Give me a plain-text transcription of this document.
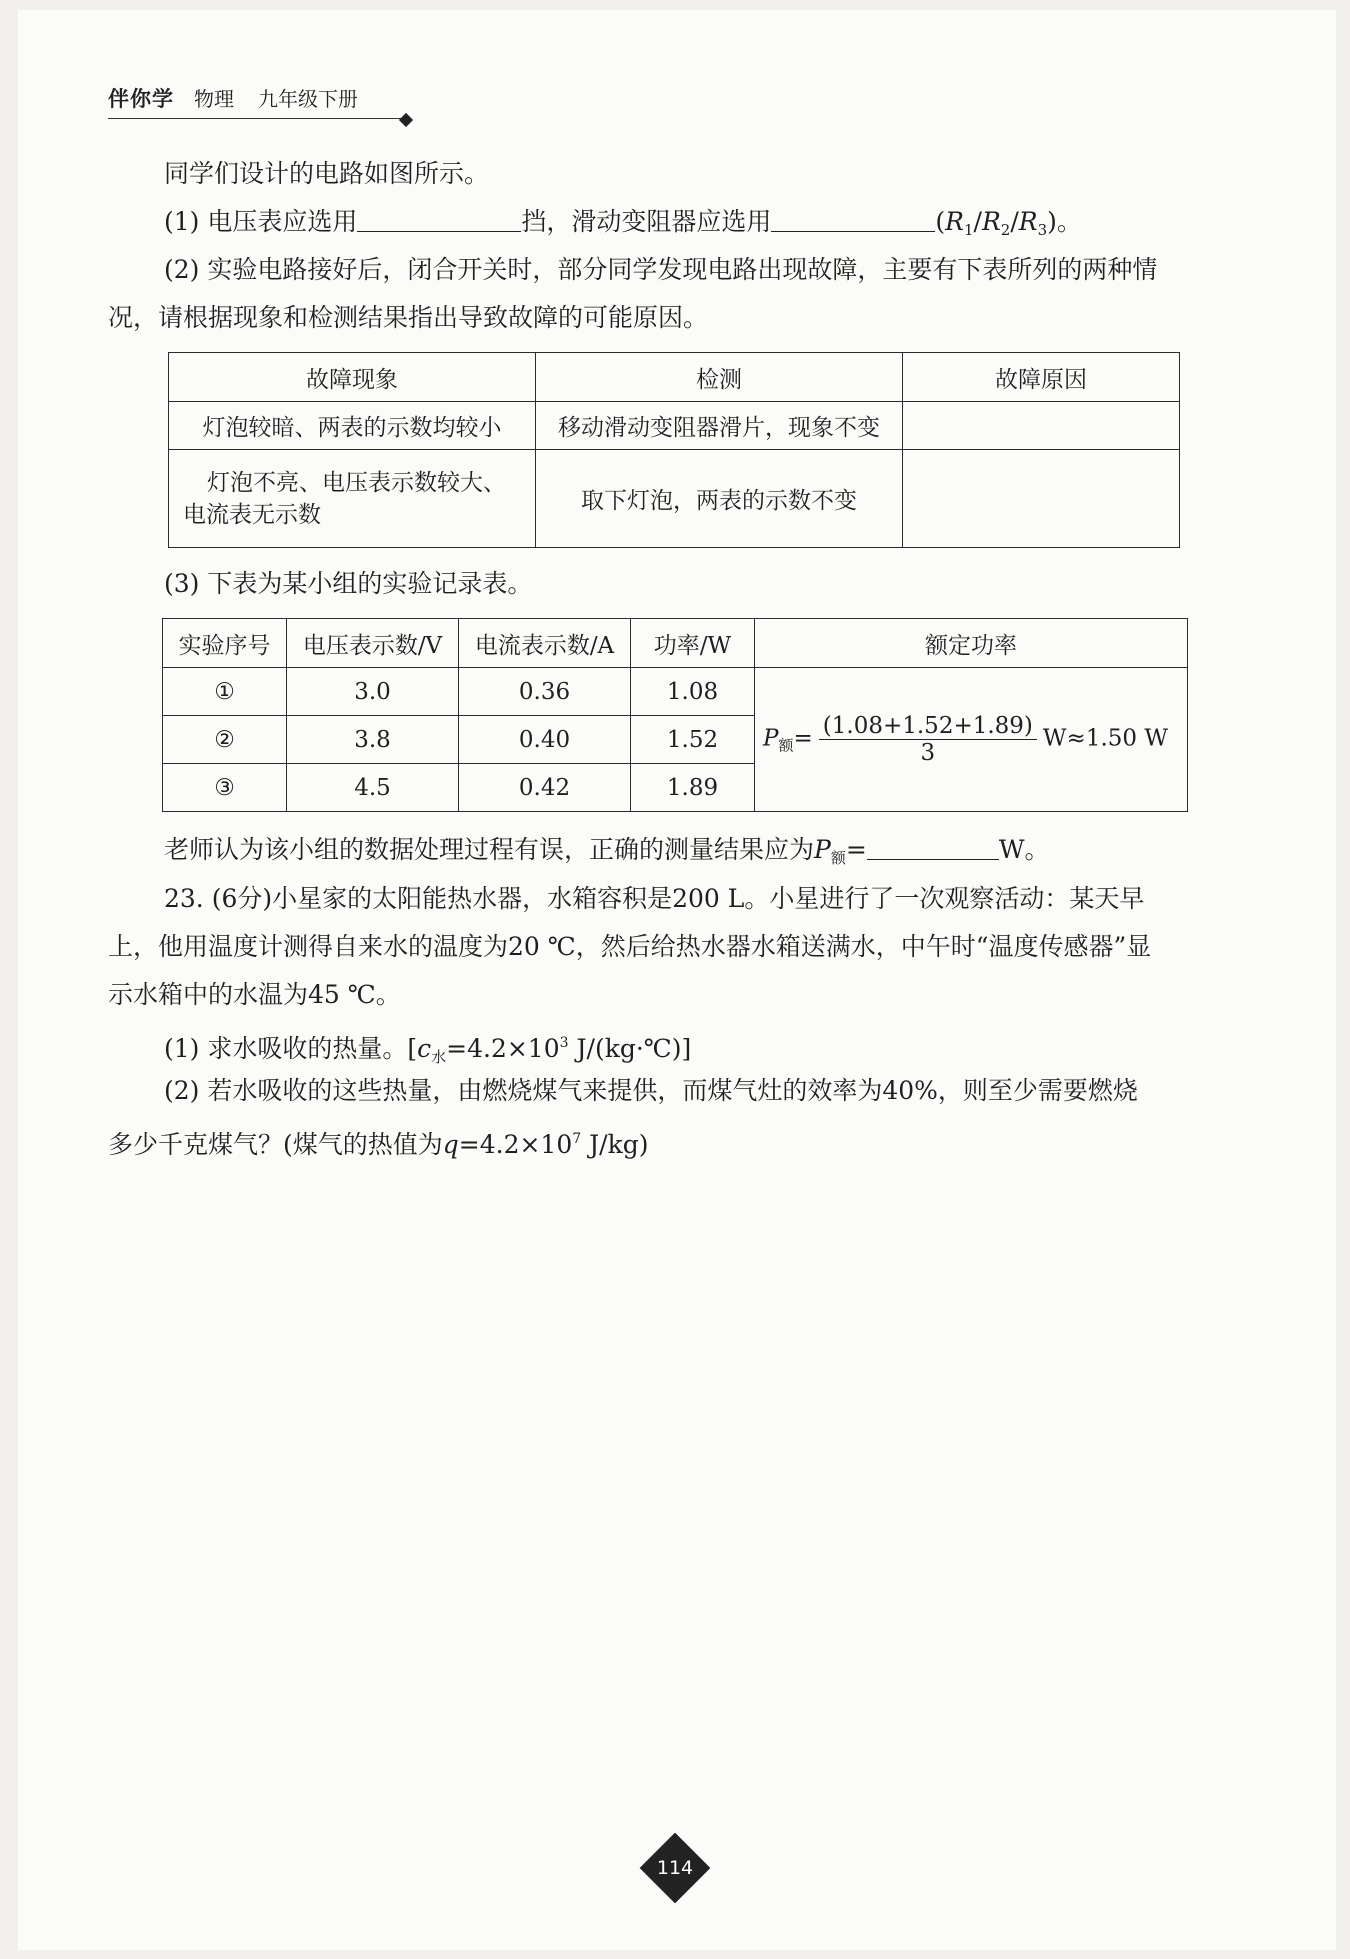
伴你学 物理 九年级下册
同学们设计的电路如图所示。
(1) 电压表应选用	挡，滑动变阻器应选用	$(R_1/R_2/R_3)$。
(2) 实验电路接好后，闭合开关时，部分同学发现电路出现故障，主要有下表所列的两种情
况，请根据现象和检测结果指出导致故障的可能原因。
故障现象	检测	故障原因
灯泡较暗、两表的示数均较小	移动滑动变阻器滑片，现象不变	

灯泡不亮、电压表示数较大、电流表无示数	取下灯泡，两表的示数不变	
(3) 下表为某小组的实验记录表。
实验序号	电压表示数/V	电流表示数/A	功率/W	额定功率
①	3.0	0.36	1.08	$P_额= \frac{(1.08+1.52+1.89)}{3} W\approx 1.50$ W
②	3.8	0.40	1.52	
③	4.5	0.42	1.89	
老师认为该小组的数据处理过程有误，正确的测量结果应为$P_额=$	W。
23. (6分)小星家的太阳能热水器，水箱容积是200 L。小星进行了一次观察活动：某天早
上，他用温度计测得自来水的温度为20 ℃，然后给热水器水箱送满水，中午时“温度传感器”显
示水箱中的水温为45 ℃。
(1) 求水吸收的热量。[$c_水=4.2\times 10^3$ J/(kg·℃)]
(2) 若水吸收的这些热量，由燃烧煤气来提供，而煤气灶的效率为40%，则至少需要燃烧
多少千克煤气？(煤气的热值为$q=4.2\times 10^7$ J/kg)
114
